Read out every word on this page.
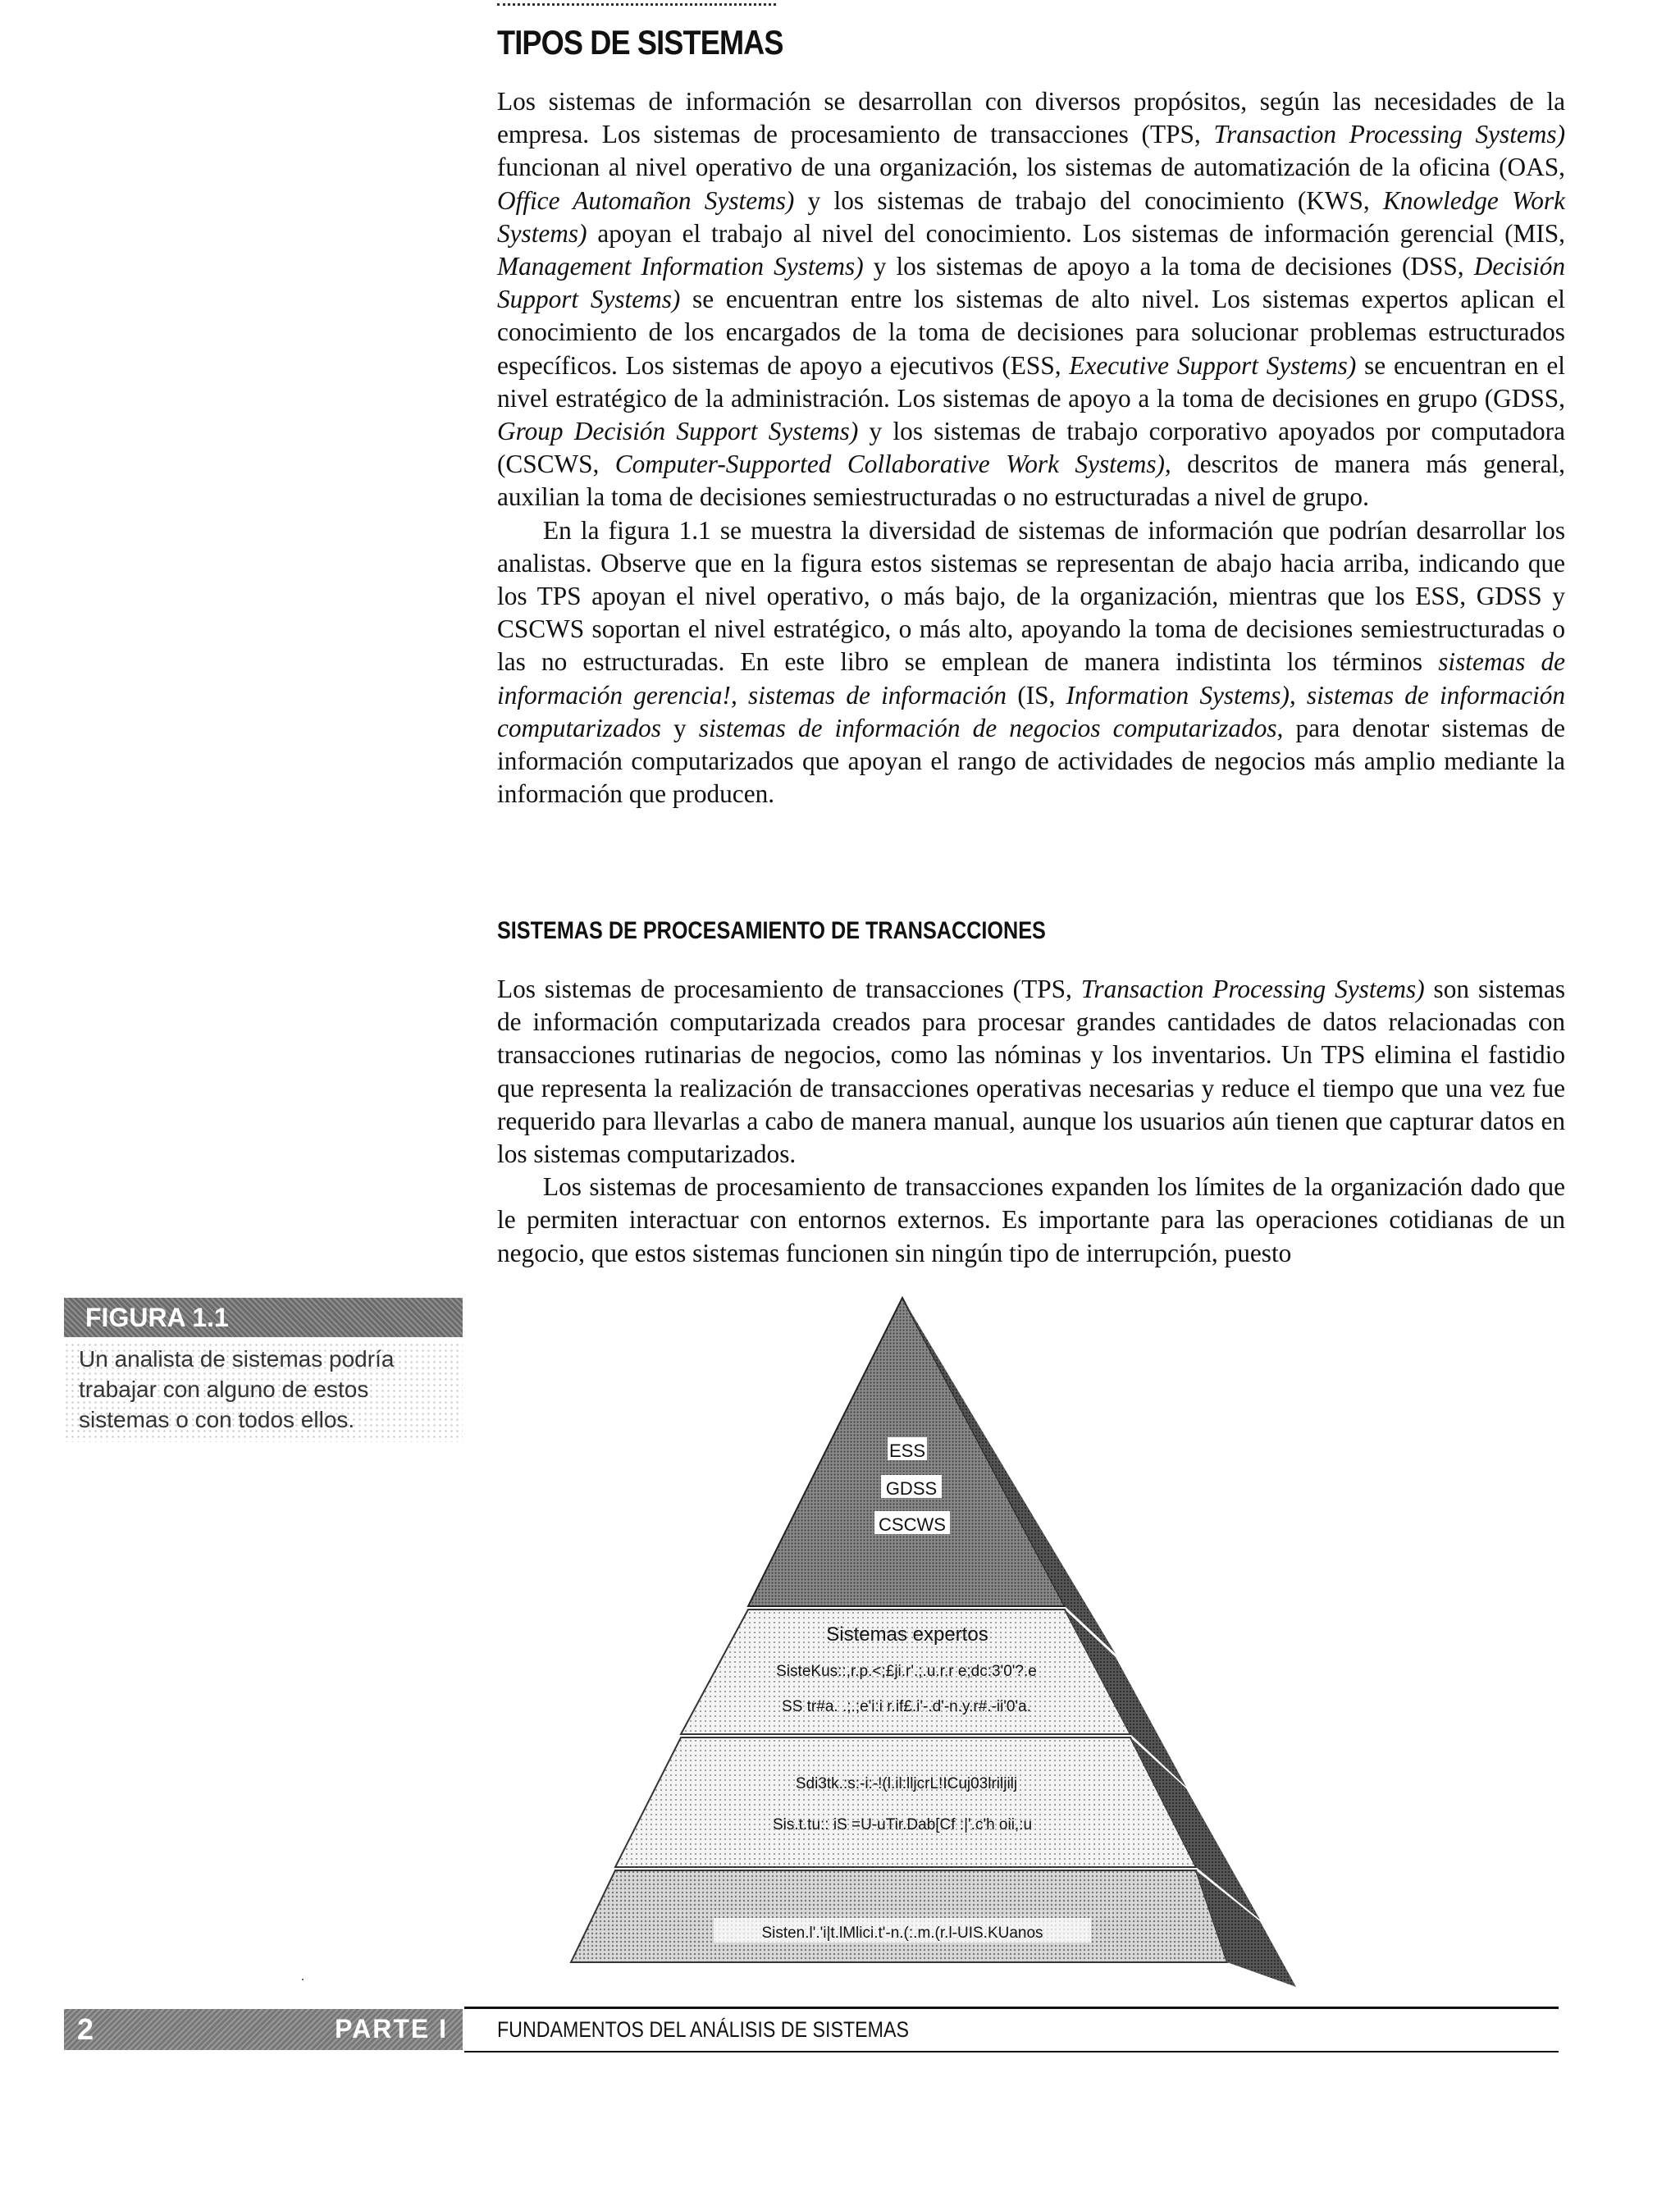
TIPOS DE SISTEMAS

Los sistemas de información se desarrollan con diversos propósitos, según las necesidades de la empresa. Los sistemas de procesamiento de transacciones (TPS, Transaction Processing Systems) funcionan al nivel operativo de una organización, los sistemas de automatización de la oficina (OAS, Office Automañon Systems) y los sistemas de trabajo del conocimiento (KWS, Knowledge Work Systems) apoyan el trabajo al nivel del conocimiento. Los sistemas de información gerencial (MIS, Management Information Systems) y los sistemas de apoyo a la toma de decisiones (DSS, Decisión Support Systems) se encuentran entre los sistemas de alto nivel. Los sistemas expertos aplican el conocimiento de los encargados de la toma de decisiones para solucionar problemas estructurados específicos. Los sistemas de apoyo a ejecutivos (ESS, Executive Support Systems) se encuentran en el nivel estratégico de la administración. Los sistemas de apoyo a la toma de decisiones en grupo (GDSS, Group Decisión Support Systems) y los sistemas de trabajo corporativo apoyados por computadora (CSCWS, Computer-Supported Collaborative Work Systems), descritos de manera más general, auxilian la toma de decisiones semiestructuradas o no estructuradas a nivel de grupo.

En la figura 1.1 se muestra la diversidad de sistemas de información que podrían desarrollar los analistas. Observe que en la figura estos sistemas se representan de abajo hacia arriba, indicando que los TPS apoyan el nivel operativo, o más bajo, de la organización, mientras que los ESS, GDSS y CSCWS soportan el nivel estratégico, o más alto, apoyando la toma de decisiones semiestructuradas o las no estructuradas. En este libro se emplean de manera indistinta los términos sistemas de información gerencia!, sistemas de información (IS, Information Systems), sistemas de información computarizados y sistemas de información de negocios computarizados, para denotar sistemas de información computarizados que apoyan el rango de actividades de negocios más amplio mediante la información que producen.

SISTEMAS DE PROCESAMIENTO DE TRANSACCIONES

Los sistemas de procesamiento de transacciones (TPS, Transaction Processing Systems) son sistemas de información computarizada creados para procesar grandes cantidades de datos relacionadas con transacciones rutinarias de negocios, como las nóminas y los inventarios. Un TPS elimina el fastidio que representa la realización de transacciones operativas necesarias y reduce el tiempo que una vez fue requerido para llevarlas a cabo de manera manual, aunque los usuarios aún tienen que capturar datos en los sistemas computarizados.

Los sistemas de procesamiento de transacciones expanden los límites de la organización dado que le permiten interactuar con entornos externos. Es importante para las operaciones cotidianas de un negocio, que estos sistemas funcionen sin ningún tipo de interrupción, puesto

FIGURA 1.1
Un analista de sistemas podría trabajar con alguno de estos sistemas o con todos ellos.
ESS
GDSS
CSCWS
Sistemas expertos
SisteKus::,r.p.<;£ji.r'.;.u.r.r e;dc:3'0'?.e
SS tr#a. .;.;e'i:i r.if£.i'-.d'-n.y.r#.-ii'0'a.
Sdi3tk.:s:-i:-!(l.il:lljcrL!ICuj03lriljilj
Sis.t.tu:: iS =U-uTir.Dab[Cf :|'.c'h oii,:u
Sisten.l'.'i|t.lMlici.t'-n.(:.m.(r.l-UIS.KUanos
2	PARTE I FUNDAMENTOS DEL ANÁLISIS DE SISTEMAS
